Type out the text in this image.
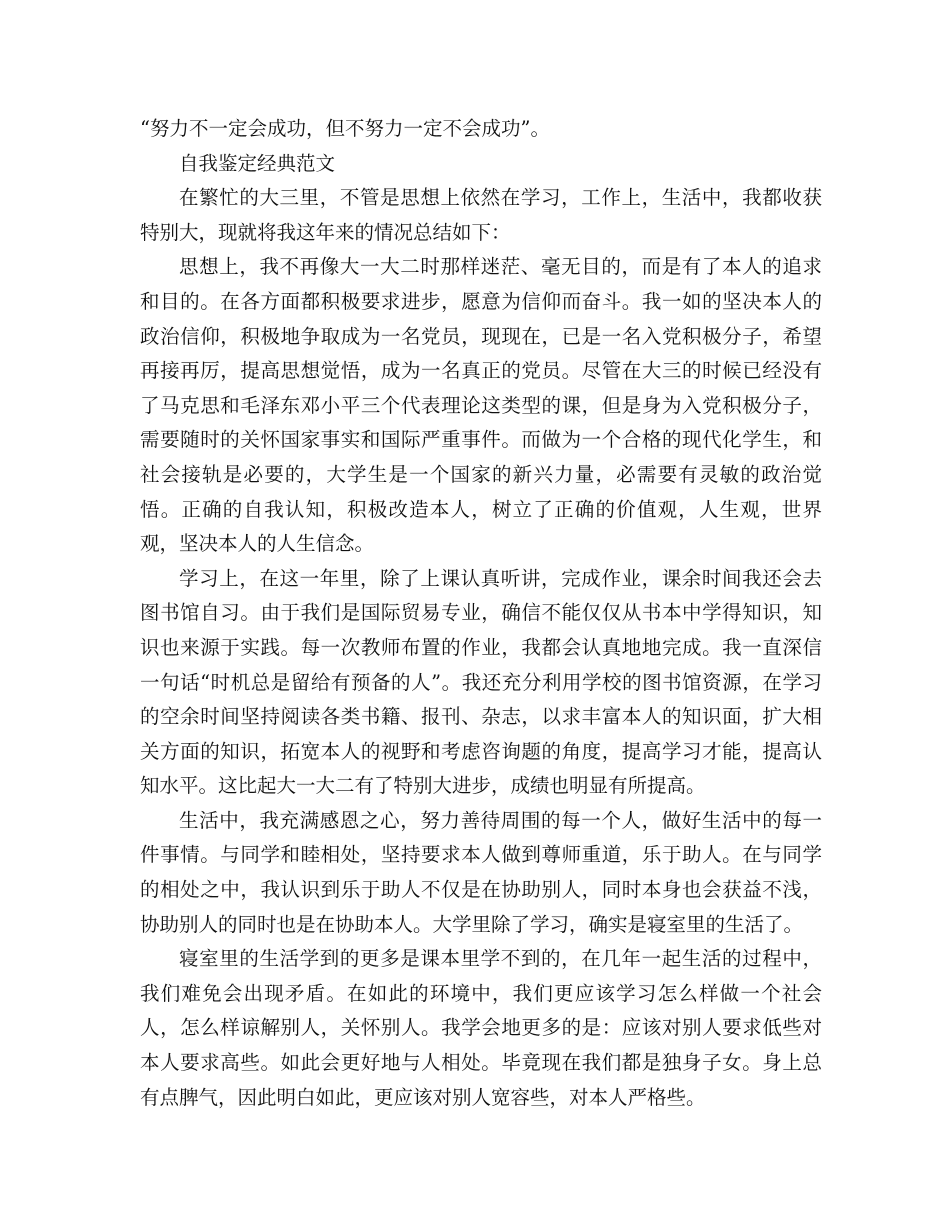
“努力不一定会成功，但不努力一定不会成功”。

自我鉴定经典范文

在繁忙的大三里，不管是思想上依然在学习，工作上，生活中，我都收获特别大，现就将我这年来的情况总结如下：

思想上，我不再像大一大二时那样迷茫、毫无目的，而是有了本人的追求和目的。在各方面都积极要求进步，愿意为信仰而奋斗。我一如的坚决本人的政治信仰，积极地争取成为一名党员，现现在，已是一名入党积极分子，希望再接再厉，提高思想觉悟，成为一名真正的党员。尽管在大三的时候已经没有了马克思和毛泽东邓小平三个代表理论这类型的课，但是身为入党积极分子，需要随时的关怀国家事实和国际严重事件。而做为一个合格的现代化学生，和社会接轨是必要的，大学生是一个国家的新兴力量，必需要有灵敏的政治觉悟。正确的自我认知，积极改造本人，树立了正确的价值观，人生观，世界观，坚决本人的人生信念。

学习上，在这一年里，除了上课认真听讲，完成作业，课余时间我还会去图书馆自习。由于我们是国际贸易专业，确信不能仅仅从书本中学得知识，知识也来源于实践。每一次教师布置的作业，我都会认真地地完成。我一直深信一句话“时机总是留给有预备的人”。我还充分利用学校的图书馆资源，在学习的空余时间坚持阅读各类书籍、报刊、杂志，以求丰富本人的知识面，扩大相关方面的知识，拓宽本人的视野和考虑咨询题的角度，提高学习才能，提高认知水平。这比起大一大二有了特别大进步，成绩也明显有所提高。

生活中，我充满感恩之心，努力善待周围的每一个人，做好生活中的每一件事情。与同学和睦相处，坚持要求本人做到尊师重道，乐于助人。在与同学的相处之中，我认识到乐于助人不仅是在协助别人，同时本身也会获益不浅，协助别人的同时也是在协助本人。大学里除了学习，确实是寝室里的生活了。

寝室里的生活学到的更多是课本里学不到的，在几年一起生活的过程中，我们难免会出现矛盾。在如此的环境中，我们更应该学习怎么样做一个社会人，怎么样谅解别人，关怀别人。我学会地更多的是：应该对别人要求低些对本人要求高些。如此会更好地与人相处。毕竟现在我们都是独身子女。身上总有点脾气，因此明白如此，更应该对别人宽容些，对本人严格些。
